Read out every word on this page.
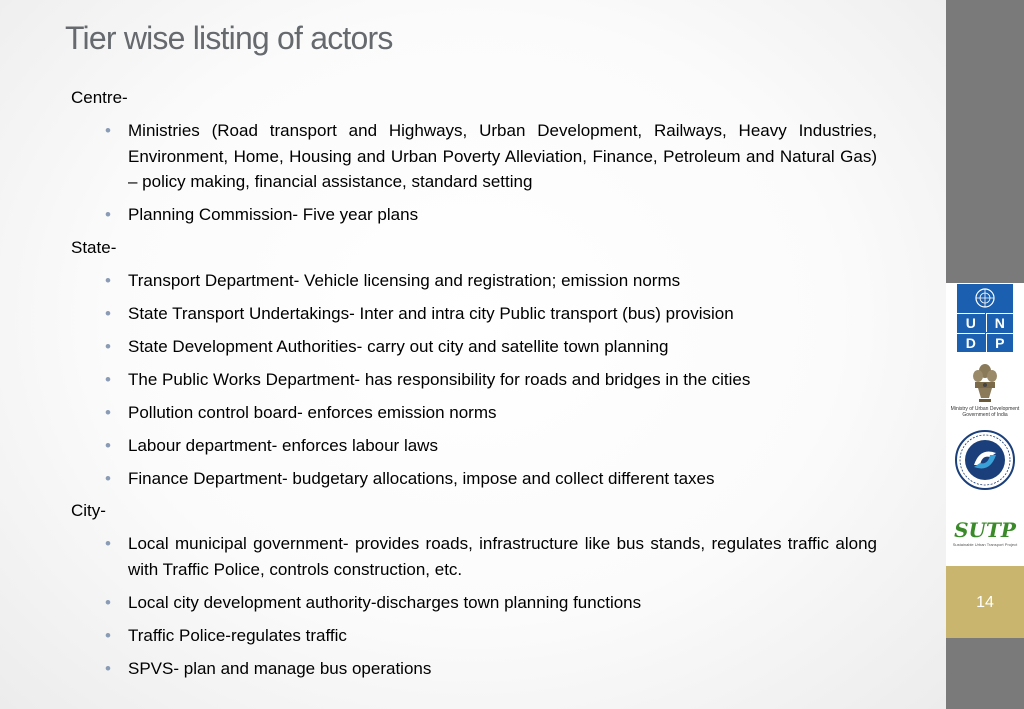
Tier wise listing of actors
Centre-
• Ministries (Road transport and Highways, Urban Development, Railways, Heavy Industries, Environment, Home, Housing and Urban Poverty Alleviation, Finance, Petroleum and Natural Gas) – policy making, financial assistance, standard setting
• Planning Commission- Five year plans
State-
• Transport Department- Vehicle licensing and registration; emission norms
• State Transport Undertakings- Inter and intra city Public transport (bus) provision
• State Development Authorities- carry out city and satellite town planning
• The Public Works Department- has responsibility for roads and bridges in the cities
• Pollution control board- enforces emission norms
• Labour department- enforces labour laws
• Finance Department- budgetary allocations, impose and collect different taxes
City-
• Local municipal government- provides roads, infrastructure like bus stands, regulates traffic along with Traffic Police, controls construction, etc.
• Local city development authority-discharges town planning functions
• Traffic Police-regulates traffic
• SPVS- plan and manage bus operations
U	N
D	P
Ministry of Urban Development
Government of India
SUTP
Sustainable Urban Transport Project
14
